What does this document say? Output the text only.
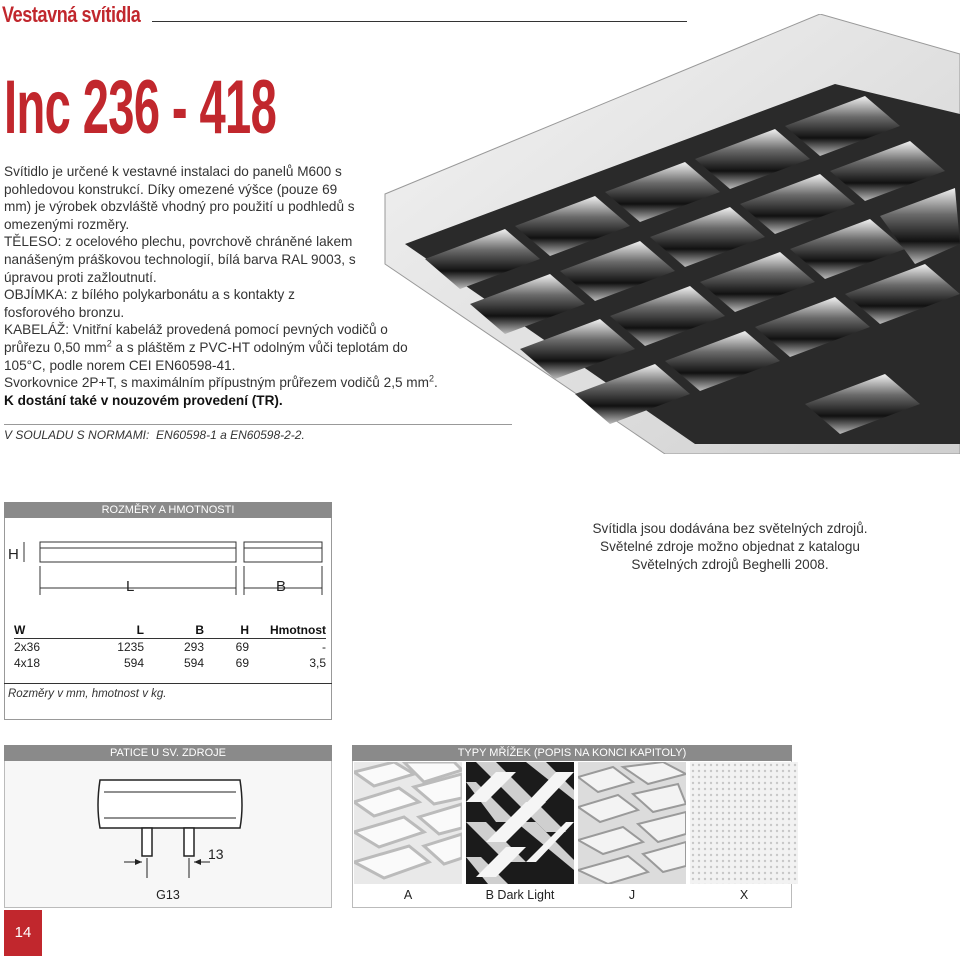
Vestavná svítidla
Inc 236 - 418

Svítidlo je určené k vestavné instalaci do panelů M600 s pohledovou konstrukcí. Díky omezené výšce (pouze 69 mm) je výrobek obzvláště vhodný pro použití u podhledů s omezenými rozměry.

TĚLESO: z ocelového plechu, povrchově chráněné lakem nanášeným práškovou technologií, bílá barva RAL 9003, s úpravou proti zažloutnutí.

OBJÍMKA: z bílého polykarbonátu a s kontakty z fosforového bronzu.

KABELÁŽ: Vnitřní kabeláž provedená pomocí pevných vodičů o průřezu 0,50 $mm^2$ a s pláštěm z PVC-HT odolným vůči teplotám do 105°C, podle norem CEI EN60598-41.

Svorkovnice 2P+T, s maximálním přípustným průřezem vodičů 2,5 $mm^2$.

K dostání také v nouzovém provedení (TR).

V SOULADU S NORMAMI: EN60598-1 a EN60598-2-2.
ROZMĚRY A HMOTNOSTI
H
L	B
W	L	B	H	Hmotnost
2x36	1235	293	69	-
4x18	594	594	69	3,5
Rozměry v mm, hmotnost v kg.

Svítidla jsou dodávána bez světelných zdrojů.

Světelné zdroje možno objednat z katalogu

Světelných zdrojů Beghelli 2008.

PATICE U SV. ZDROJE
13
G13
TYPY MŘÍŽEK (POPIS NA KONCI KAPITOLY)
A	B Dark Light	J	X
14
